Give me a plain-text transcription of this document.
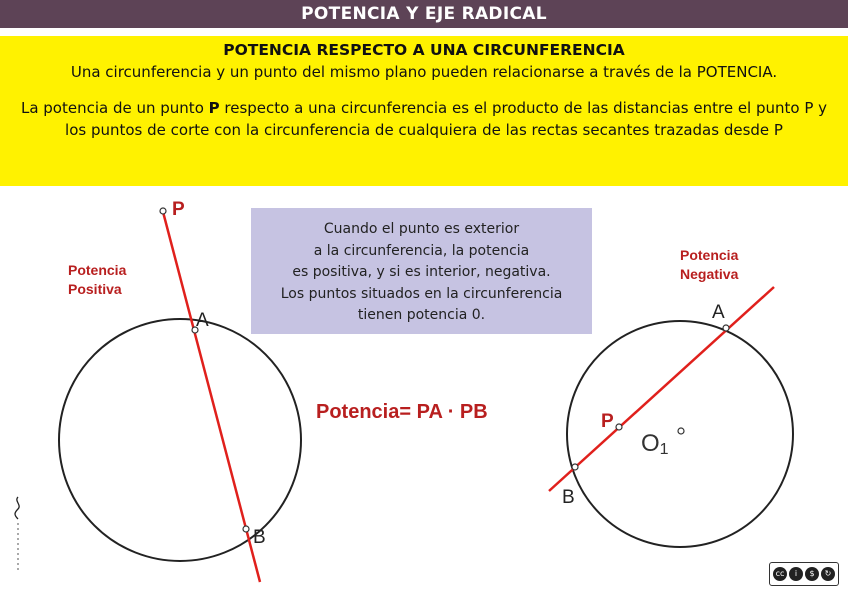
POTENCIA Y EJE RADICAL
POTENCIA RESPECTO A UNA CIRCUNFERENCIA
Una circunferencia y un punto del mismo plano pueden relacionarse a través de la POTENCIA.
La potencia de un punto P respecto a una circunferencia es el producto de las distancias entre el punto P y los puntos de corte con la circunferencia de cualquiera de las rectas secantes trazadas desde P
Cuando el punto es exterior
a la circunferencia, la potencia
es positiva, y si es interior, negativa.
Los puntos situados en la circunferencia
tienen potencia 0.
P
A
B
Potencia
Positiva
Potencia= PA · PB
A
B
P
O1
Potencia
Negativa
cc	i	$	↻
